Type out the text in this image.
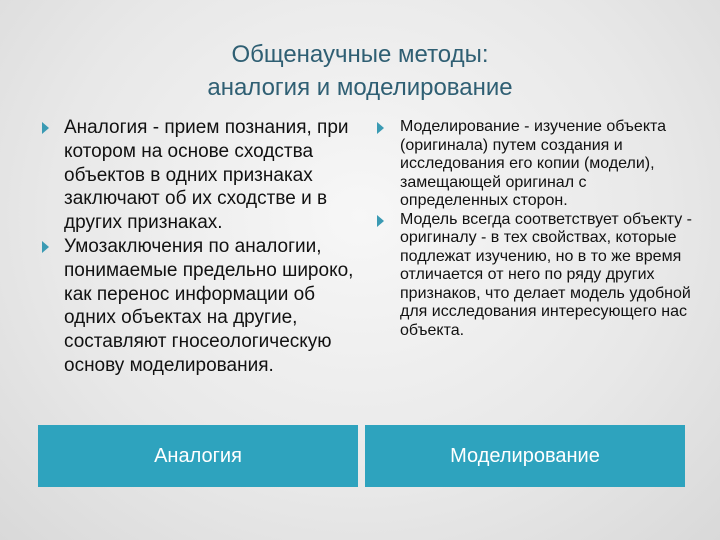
Общенаучные методы:
аналогия и моделирование
Аналогия - прием познания, при котором на основе сходства объектов в одних признаках заключают об их сходстве и в других признаках.
Умозаключения по аналогии, понимаемые предельно широко, как перенос информации об одних объектах на другие, составляют гносеологическую основу моделирования.
Моделирование - изучение объекта (оригинала) путем создания и исследования его копии (модели), замещающей оригинал с определенных сторон.
Модель всегда соответствует объекту - оригиналу - в тех свойствах, которые подлежат изучению, но в то же время отличается от него по ряду других признаков, что делает модель удобной для исследования интересующего нас объекта.
Аналогия	Моделирование
